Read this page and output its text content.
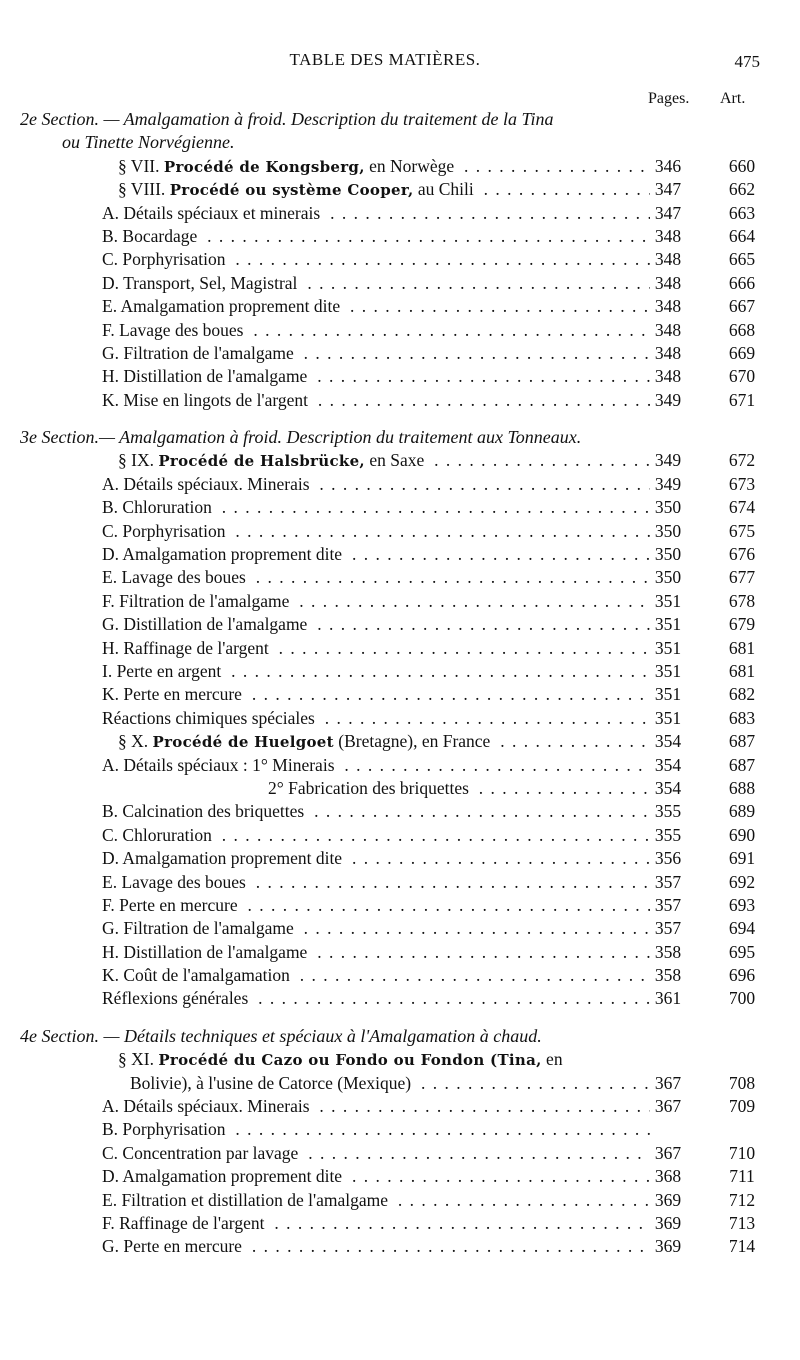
TABLE DES MATIÈRES.	475
Pages. Art.
2e Section. — Amalgamation à froid. Description du traitement de la Tina
ou Tinette Norvégienne.
§ VII. Procédé de Kongsberg, en Norwège . . .	346	660
§ VIII. Procédé ou système Cooper, au Chili . . .	347	662
A. Détails spéciaux et minerais . . .	347	663
B. Bocardage . . .	348	664
C. Porphyrisation . . .	348	665
D. Transport, Sel, Magistral . . .	348	666
E. Amalgamation proprement dite . . .	348	667
F. Lavage des boues . . .	348	668
G. Filtration de l'amalgame . . .	348	669
H. Distillation de l'amalgame . . .	348	670
K. Mise en lingots de l'argent . . .	349	671
3e Section.— Amalgamation à froid. Description du traitement aux Tonneaux.
§ IX. Procédé de Halsbrücke, en Saxe . . .	349	672
A. Détails spéciaux. Minerais . . .	349	673
B. Chloruration . . .	350	674
C. Porphyrisation . . .	350	675
D. Amalgamation proprement dite . . .	350	676
E. Lavage des boues . . .	350	677
F. Filtration de l'amalgame . . .	351	678
G. Distillation de l'amalgame . . .	351	679
H. Raffinage de l'argent . . .	351	681
I. Perte en argent . . .	351	681
K. Perte en mercure . . .	351	682
Réactions chimiques spéciales . . .	351	683
§ X. Procédé de Huelgoet (Bretagne), en France . . .	354	687
A. Détails spéciaux : 1° Minerais . . .	354	687
2° Fabrication des briquettes . . .	354	688
B. Calcination des briquettes . . .	355	689
C. Chloruration . . .	355	690
D. Amalgamation proprement dite . . .	356	691
E. Lavage des boues . . .	357	692
F. Perte en mercure . . .	357	693
G. Filtration de l'amalgame . . .	357	694
H. Distillation de l'amalgame . . .	358	695
K. Coût de l'amalgamation . . .	358	696
Réflexions générales . . .	361	700
4e Section. — Détails techniques et spéciaux à l'Amalgamation à chaud.
§ XI. Procédé du Cazo ou Fondo ou Fondon (Tina, en
Bolivie), à l'usine de Catorce (Mexique) . . .	367	708
A. Détails spéciaux. Minerais . . .	367	709
B. Porphyrisation . . .
C. Concentration par lavage . . .	367	710
D. Amalgamation proprement dite . . .	368	711
E. Filtration et distillation de l'amalgame . . .	369	712
F. Raffinage de l'argent . . .	369	713
G. Perte en mercure . . .	369	714
